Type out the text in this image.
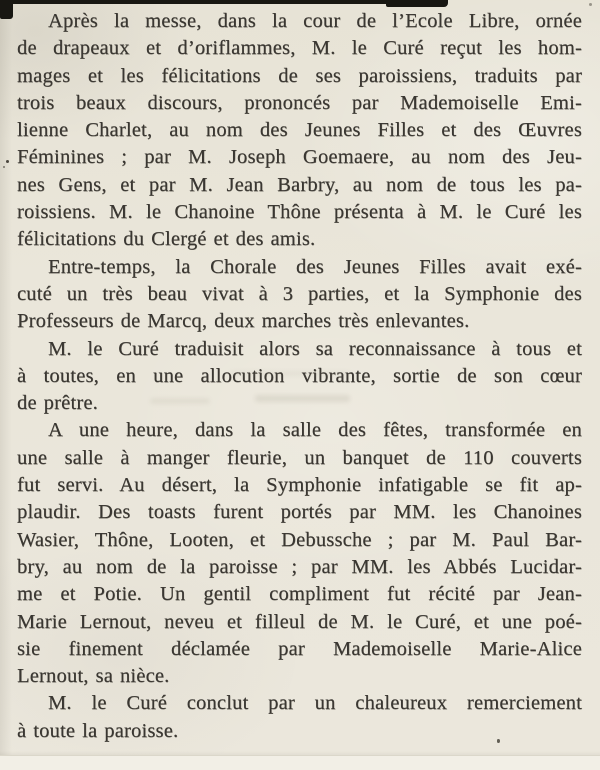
Après la messe, dans la cour de l’Ecole Libre, ornée
de drapeaux et d’oriflammes, M. le Curé reçut les hom-
mages et les félicitations de ses paroissiens, traduits par
trois beaux discours, prononcés par Mademoiselle Emi-
lienne Charlet, au nom des Jeunes Filles et des Œuvres
Féminines ; par M. Joseph Goemaere, au nom des Jeu-
nes Gens, et par M. Jean Barbry, au nom de tous les pa-
roissiens. M. le Chanoine Thône présenta à M. le Curé les
félicitations du Clergé et des amis.
Entre-temps, la Chorale des Jeunes Filles avait exé-
cuté un très beau vivat à 3 parties, et la Symphonie des
Professeurs de Marcq, deux marches très enlevantes.
M. le Curé traduisit alors sa reconnaissance à tous et
à toutes, en une allocution vibrante, sortie de son cœur
de prêtre.
A une heure, dans la salle des fêtes, transformée en
une salle à manger fleurie, un banquet de 110 couverts
fut servi. Au désert, la Symphonie infatigable se fit ap-
plaudir. Des toasts furent portés par MM. les Chanoines
Wasier, Thône, Looten, et Debussche ; par M. Paul Bar-
bry, au nom de la paroisse ; par MM. les Abbés Lucidar-
me et Potie. Un gentil compliment fut récité par Jean-
Marie Lernout, neveu et filleul de M. le Curé, et une poé-
sie finement déclamée par Mademoiselle Marie-Alice
Lernout, sa nièce.
M. le Curé conclut par un chaleureux remerciement
à toute la paroisse.
